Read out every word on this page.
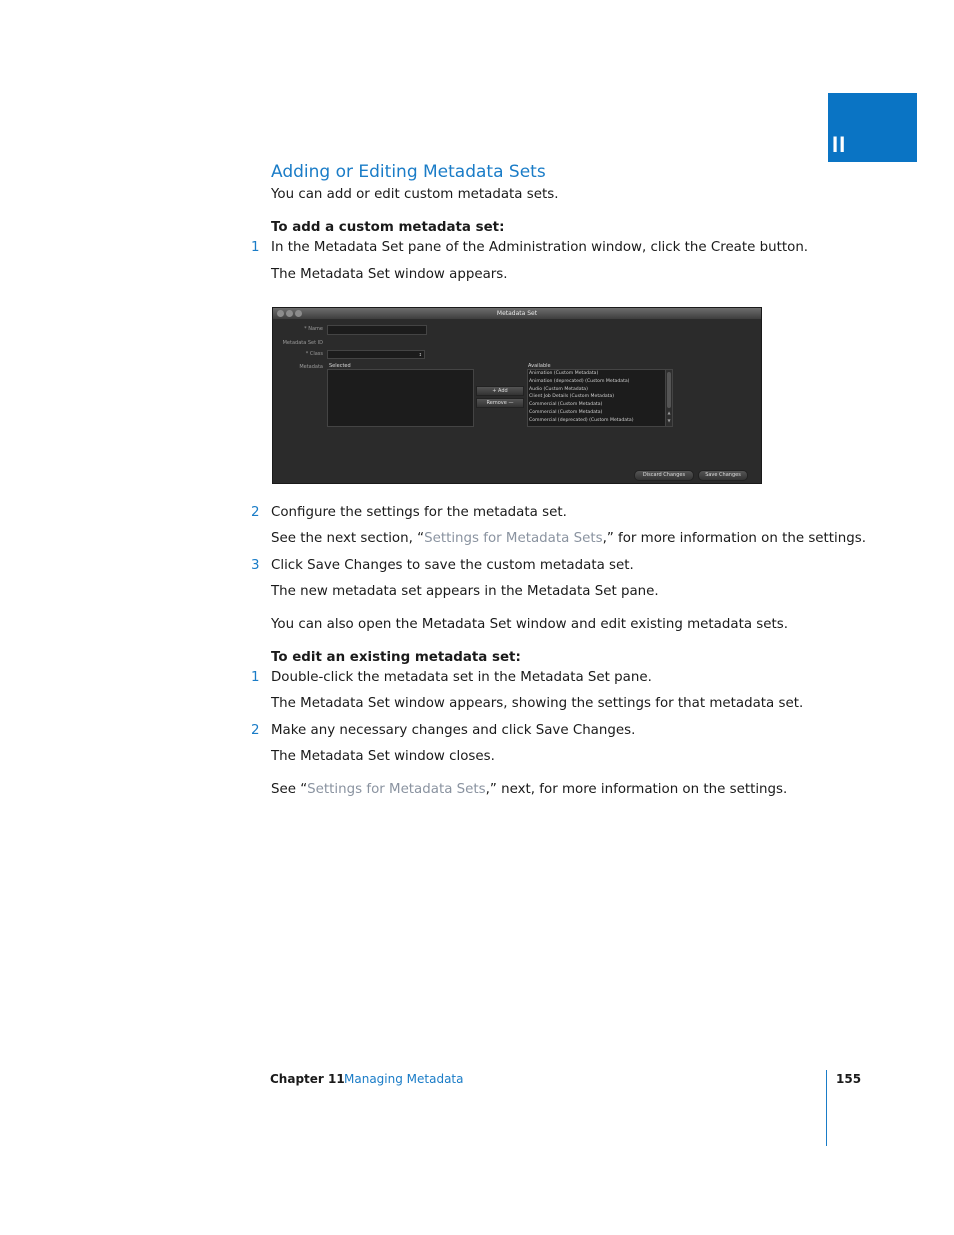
II
Adding or Editing Metadata Sets
You can add or edit custom metadata sets.
To add a custom metadata set:
1 In the Metadata Set pane of the Administration window, click the Create button.
The Metadata Set window appears.
Metadata Set
* Name
Metadata Set ID
* Class	↕
Metadata Selected
+ Add
Remove —
Available
Animation (Custom Metadata)
Animation (deprecated) (Custom Metadata)
Audio (Custom Metadata)
Client Job Details (Custom Metadata)
Commercial (Custom Metadata)
Commercial (Custom Metadata)
Commercial (deprecated) (Custom Metadata)
▲
▼
Discard Changes	Save Changes
2 Configure the settings for the metadata set.
See the next section, “Settings for Metadata Sets,” for more information on the settings.
3 Click Save Changes to save the custom metadata set.
The new metadata set appears in the Metadata Set pane.
You can also open the Metadata Set window and edit existing metadata sets.
To edit an existing metadata set:
1 Double-click the metadata set in the Metadata Set pane.
The Metadata Set window appears, showing the settings for that metadata set.
2 Make any necessary changes and click Save Changes.
The Metadata Set window closes.
See “Settings for Metadata Sets,” next, for more information on the settings.
Chapter 11 Managing Metadata	155
